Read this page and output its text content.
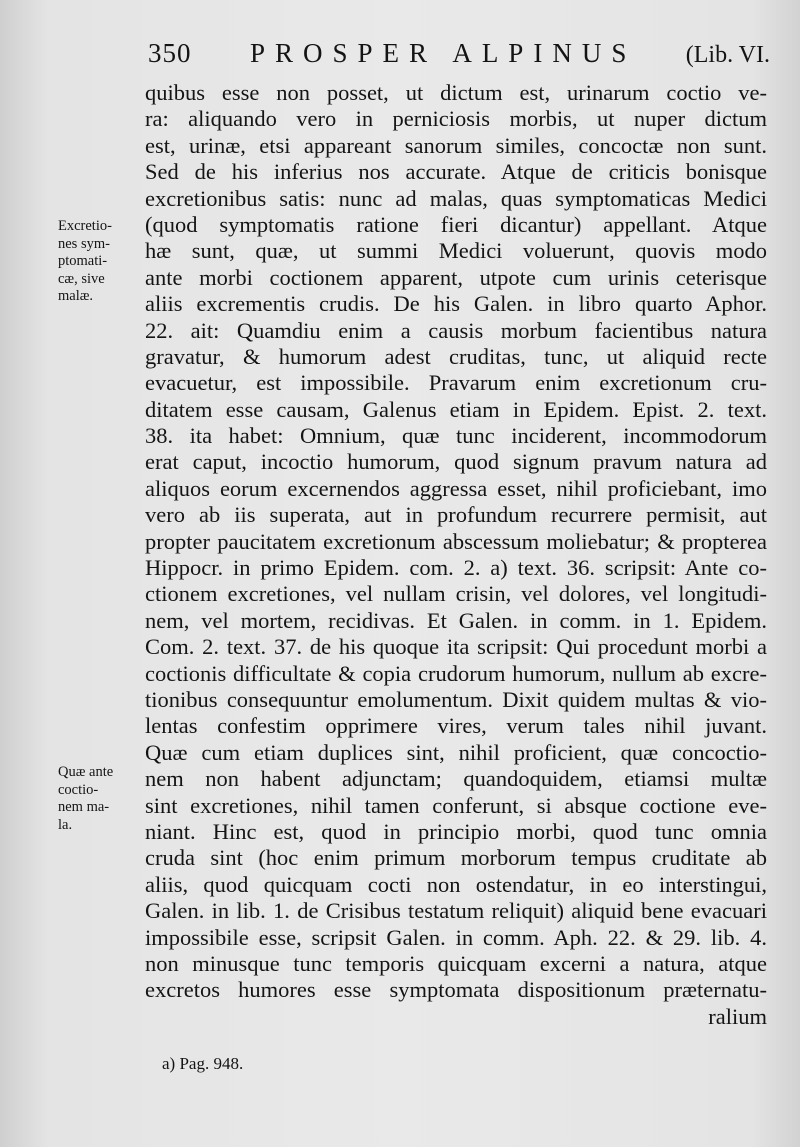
350 PROSPER ALPINUS (Lib. VI.
quibus esse non posset, ut dictum est, urinarum coctio ve-
ra: aliquando vero in perniciosis morbis, ut nuper dictum
est, urinæ, etsi appareant sanorum similes, concoctæ non sunt.
Sed de his inferius nos accurate. Atque de criticis bonisque
excretionibus satis: nunc ad malas, quas symptomaticas Medici
(quod symptomatis ratione fieri dicantur) appellant. Atque
hæ sunt, quæ, ut summi Medici voluerunt, quovis modo
ante morbi coctionem apparent, utpote cum urinis ceterisque
aliis excrementis crudis. De his Galen. in libro quarto Aphor.
22. ait: Quamdiu enim a causis morbum facientibus natura
gravatur, & humorum adest cruditas, tunc, ut aliquid recte
evacuetur, est impossibile. Pravarum enim excretionum cru-
ditatem esse causam, Galenus etiam in Epidem. Epist. 2. text.
38. ita habet: Omnium, quæ tunc inciderent, incommodorum
erat caput, incoctio humorum, quod signum pravum natura ad
aliquos eorum excernendos aggressa esset, nihil proficiebant, imo
vero ab iis superata, aut in profundum recurrere permisit, aut
propter paucitatem excretionum abscessum moliebatur; & propterea
Hippocr. in primo Epidem. com. 2. a) text. 36. scripsit: Ante co-
ctionem excretiones, vel nullam crisin, vel dolores, vel longitudi-
nem, vel mortem, recidivas. Et Galen. in comm. in 1. Epidem.
Com. 2. text. 37. de his quoque ita scripsit: Qui procedunt morbi a
coctionis difficultate & copia crudorum humorum, nullum ab excre-
tionibus consequuntur emolumentum. Dixit quidem multas & vio-
lentas confestim opprimere vires, verum tales nihil juvant.
Quæ cum etiam duplices sint, nihil proficient, quæ concoctio-
nem non habent adjunctam; quandoquidem, etiamsi multæ
sint excretiones, nihil tamen conferunt, si absque coctione eve-
niant. Hinc est, quod in principio morbi, quod tunc omnia
cruda sint (hoc enim primum morborum tempus cruditate ab
aliis, quod quicquam cocti non ostendatur, in eo interstingui,
Galen. in lib. 1. de Crisibus testatum reliquit) aliquid bene evacuari
impossibile esse, scripsit Galen. in comm. Aph. 22. & 29. lib. 4.
non minusque tunc temporis quicquam excerni a natura, atque
excretos humores esse symptomata dispositionum præternatu-
ralium
Excretio-
nes sym-
ptomati-
cæ, sive
malæ.
Quæ ante
coctio-
nem ma-
la.
a) Pag. 948.
